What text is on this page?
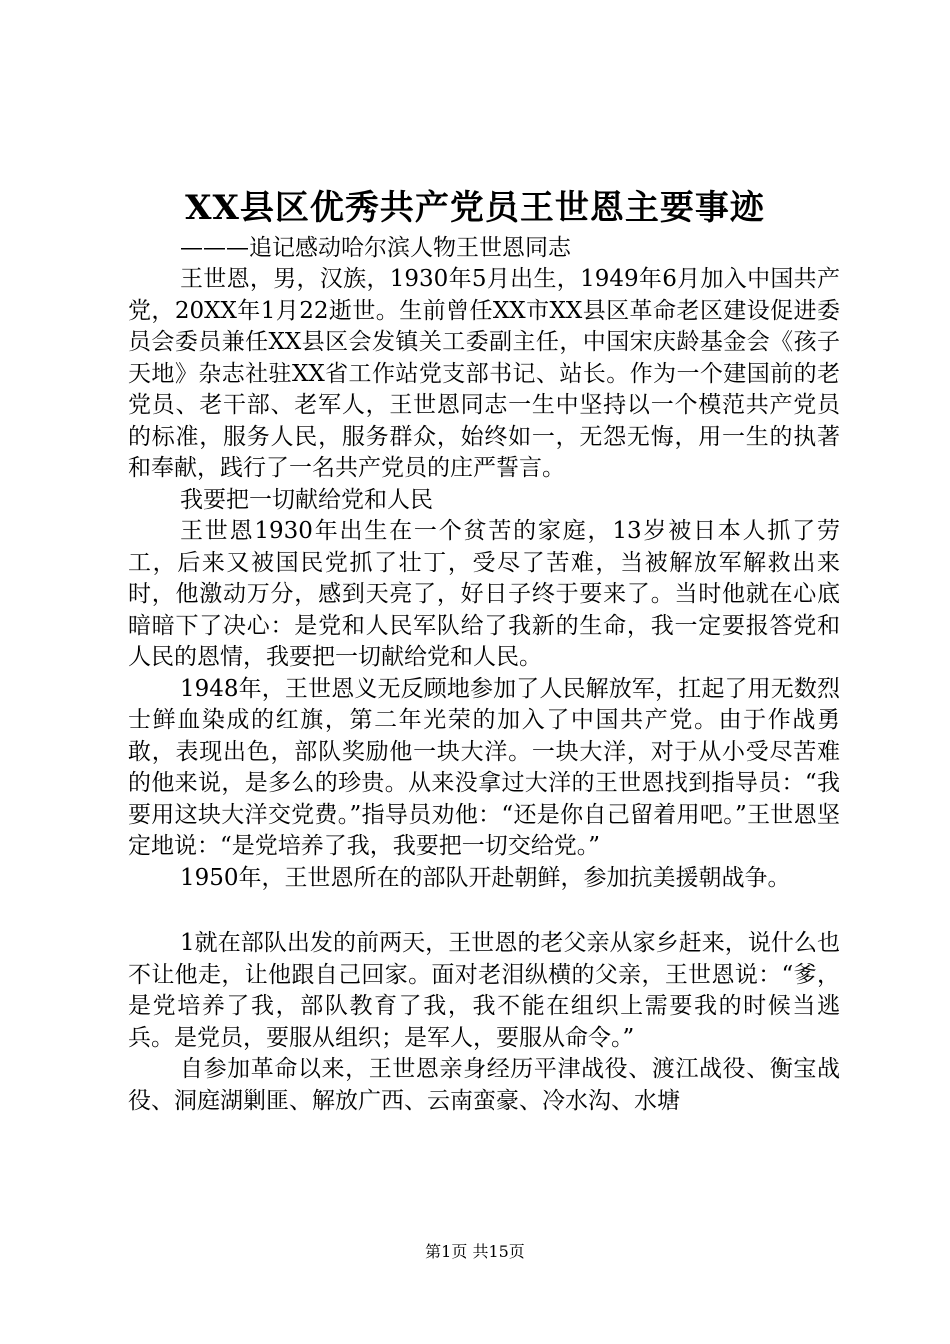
XX县区优秀共产党员王世恩主要事迹
———追记感动哈尔滨人物王世恩同志

王世恩，男，汉族，1930年5月出生，1949年6月加入中国共产党，20XX年1月22逝世。生前曾任XX市XX县区革命老区建设促进委员会委员兼任XX县区会发镇关工委副主任，中国宋庆龄基金会《孩子天地》杂志社驻XX省工作站党支部书记、站长。作为一个建国前的老党员、老干部、老军人，王世恩同志一生中坚持以一个模范共产党员的标准，服务人民，服务群众，始终如一，无怨无悔，用一生的执著和奉献，践行了一名共产党员的庄严誓言。

我要把一切献给党和人民

王世恩1930年出生在一个贫苦的家庭，13岁被日本人抓了劳工，后来又被国民党抓了壮丁，受尽了苦难，当被解放军解救出来时，他激动万分，感到天亮了，好日子终于要来了。当时他就在心底暗暗下了决心：是党和人民军队给了我新的生命，我一定要报答党和人民的恩情，我要把一切献给党和人民。

1948年，王世恩义无反顾地参加了人民解放军，扛起了用无数烈士鲜血染成的红旗，第二年光荣的加入了中国共产党。由于作战勇敢，表现出色，部队奖励他一块大洋。一块大洋，对于从小受尽苦难的他来说，是多么的珍贵。从来没拿过大洋的王世恩找到指导员：“我要用这块大洋交党费。”指导员劝他：“还是你自己留着用吧。”王世恩坚定地说：“是党培养了我，我要把一切交给党。”

1950年，王世恩所在的部队开赴朝鲜，参加抗美援朝战争。

1就在部队出发的前两天，王世恩的老父亲从家乡赶来，说什么也不让他走，让他跟自己回家。面对老泪纵横的父亲，王世恩说：“爹，是党培养了我，部队教育了我，我不能在组织上需要我的时候当逃兵。是党员，要服从组织；是军人，要服从命令。”

自参加革命以来，王世恩亲身经历平津战役、渡江战役、衡宝战役、洞庭湖剿匪、解放广西、云南蛮豪、冷水沟、水塘

第1页 共15页
